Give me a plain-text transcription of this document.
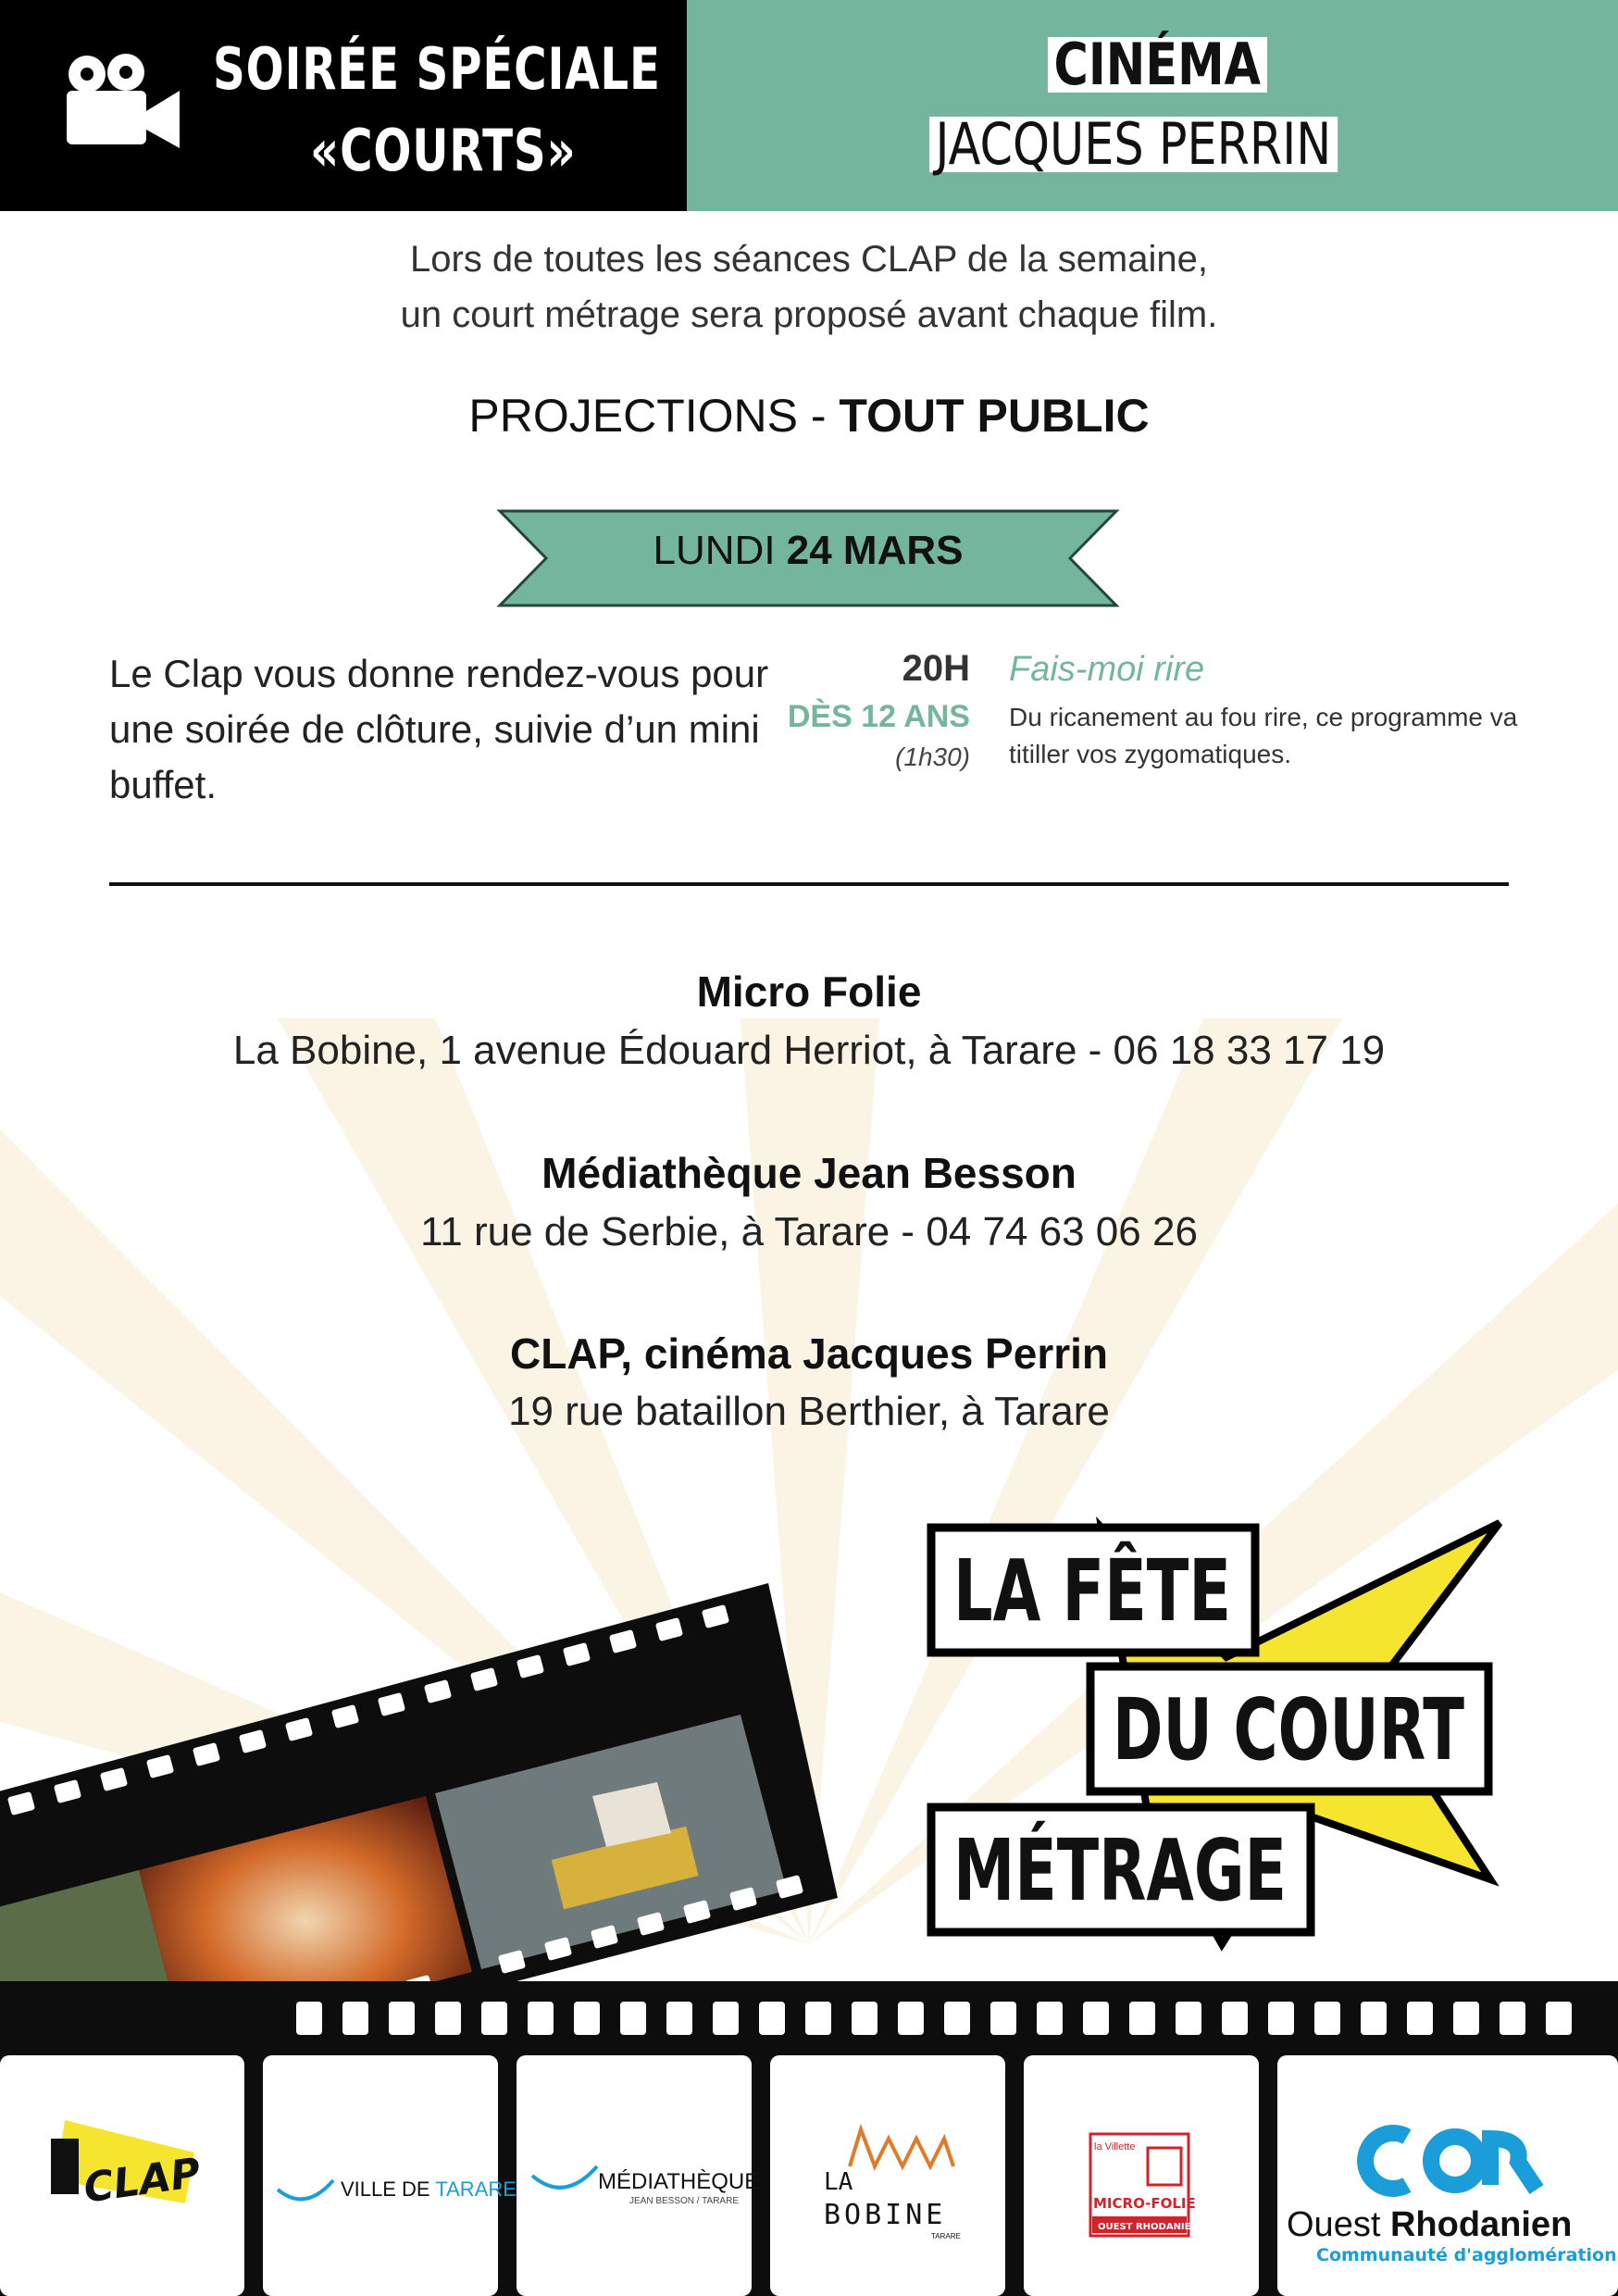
SOIRÉE SPÉCIALE
«COURTS»
CINÉMA
JACQUES PERRIN
Lors de toutes les séances CLAP de la semaine,
un court métrage sera proposé avant chaque film.
PROJECTIONS - TOUT PUBLIC
LUNDI 24 MARS
Le Clap vous donne rendez-vous pour une soirée de clôture, suivie d’un mini buffet.
20H
DÈS 12 ANS
(1h30)
Fais-moi rire
Du ricanement au fou rire, ce programme va titiller vos zygomatiques.
Micro Folie
La Bobine, 1 avenue Édouard Herriot, à Tarare - 06 18 33 17 19
Médiathèque Jean Besson
11 rue de Serbie, à Tarare - 04 74 63 06 26
CLAP, cinéma Jacques Perrin
19 rue bataillon Berthier, à Tarare
LA FÊTE
DU COURT
MÉTRAGE
CLAP	VILLE DE TARARE	MÉDIATHÈQUE
JEAN BESSON / TARARE
LA
BOBINE
TARARE
la Villette
MICRO-FOLIE
OUEST RHODANIEN	Ouest Rhodanien
Communauté d'agglomération
